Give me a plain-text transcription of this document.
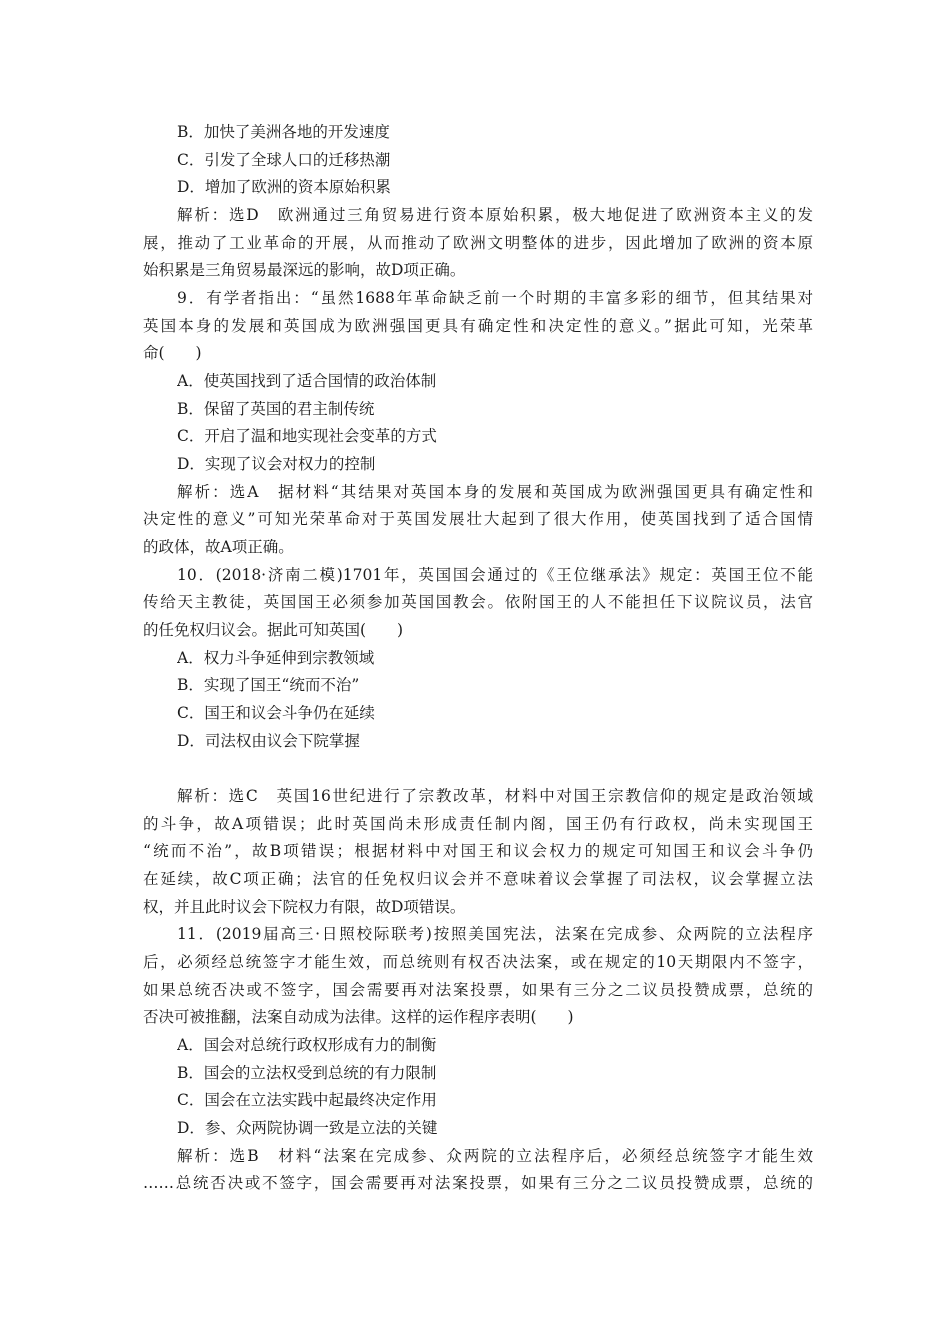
B．加快了美洲各地的开发速度
C．引发了全球人口的迁移热潮
D．增加了欧洲的资本原始积累
解析：选D　欧洲通过三角贸易进行资本原始积累，极大地促进了欧洲资本主义的发
展，推动了工业革命的开展，从而推动了欧洲文明整体的进步，因此增加了欧洲的资本原
始积累是三角贸易最深远的影响，故D项正确。
9．有学者指出：“虽然1688年革命缺乏前一个时期的丰富多彩的细节，但其结果对
英国本身的发展和英国成为欧洲强国更具有确定性和决定性的意义。”据此可知，光荣革
命(　　)
A．使英国找到了适合国情的政治体制
B．保留了英国的君主制传统
C．开启了温和地实现社会变革的方式
D．实现了议会对权力的控制
解析：选A　据材料“其结果对英国本身的发展和英国成为欧洲强国更具有确定性和
决定性的意义”可知光荣革命对于英国发展壮大起到了很大作用，使英国找到了适合国情
的政体，故A项正确。
10．(2018·济南二模)1701年，英国国会通过的《王位继承法》规定：英国王位不能
传给天主教徒，英国国王必须参加英国国教会。依附国王的人不能担任下议院议员，法官
的任免权归议会。据此可知英国(　　)
A．权力斗争延伸到宗教领域
B．实现了国王“统而不治”
C．国王和议会斗争仍在延续
D．司法权由议会下院掌握
解析：选C　英国16世纪进行了宗教改革，材料中对国王宗教信仰的规定是政治领域
的斗争，故A项错误；此时英国尚未形成责任制内阁，国王仍有行政权，尚未实现国王
“统而不治”，故B项错误；根据材料中对国王和议会权力的规定可知国王和议会斗争仍
在延续，故C项正确；法官的任免权归议会并不意味着议会掌握了司法权，议会掌握立法
权，并且此时议会下院权力有限，故D项错误。
11．(2019届高三·日照校际联考)按照美国宪法，法案在完成参、众两院的立法程序
后，必须经总统签字才能生效，而总统则有权否决法案，或在规定的10天期限内不签字，
如果总统否决或不签字，国会需要再对法案投票，如果有三分之二议员投赞成票，总统的
否决可被推翻，法案自动成为法律。这样的运作程序表明(　　)
A．国会对总统行政权形成有力的制衡
B．国会的立法权受到总统的有力限制
C．国会在立法实践中起最终决定作用
D．参、众两院协调一致是立法的关键
解析：选B　材料“法案在完成参、众两院的立法程序后，必须经总统签字才能生效
……总统否决或不签字，国会需要再对法案投票，如果有三分之二议员投赞成票，总统的
